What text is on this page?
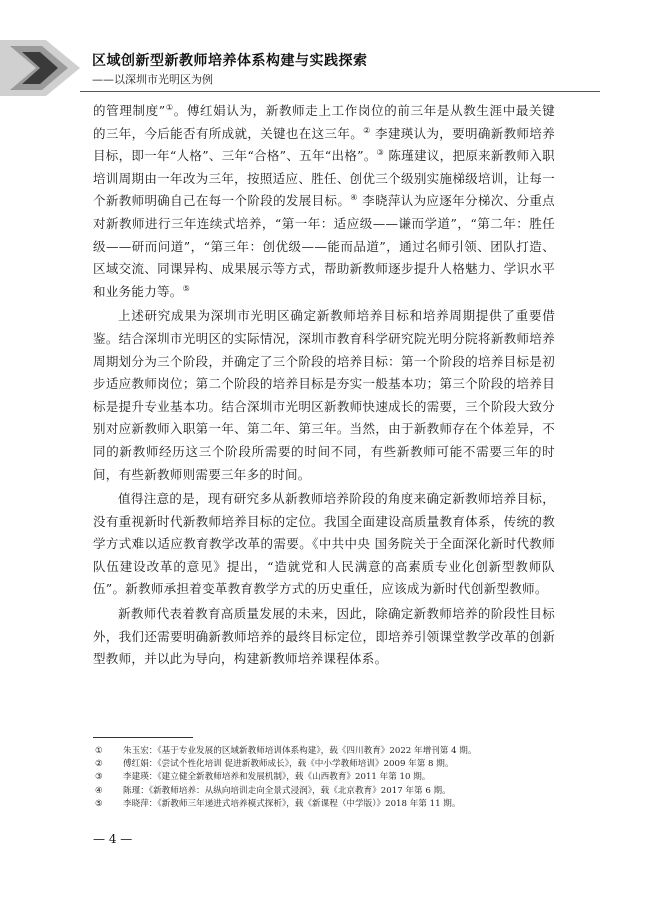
区域创新型新教师培养体系构建与实践探索
——以深圳市光明区为例

的管理制度”①。傅红娟认为，新教师走上工作岗位的前三年是从教生涯中最关键的三年，今后能否有所成就，关键也在这三年。② 李建瑛认为，要明确新教师培养目标，即一年“人格”、三年“合格”、五年“出格”。③ 陈瑾建议，把原来新教师入职培训周期由一年改为三年，按照适应、胜任、创优三个级别实施梯级培训，让每一个新教师明确自己在每一个阶段的发展目标。④ 李晓萍认为应逐年分梯次、分重点对新教师进行三年连续式培养，“第一年：适应级——谦而学道”，“第二年：胜任级——研而问道”，“第三年：创优级——能而品道”，通过名师引领、团队打造、区域交流、同课异构、成果展示等方式，帮助新教师逐步提升人格魅力、学识水平和业务能力等。⑤

上述研究成果为深圳市光明区确定新教师培养目标和培养周期提供了重要借鉴。结合深圳市光明区的实际情况，深圳市教育科学研究院光明分院将新教师培养周期划分为三个阶段，并确定了三个阶段的培养目标：第一个阶段的培养目标是初步适应教师岗位；第二个阶段的培养目标是夯实一般基本功；第三个阶段的培养目标是提升专业基本功。结合深圳市光明区新教师快速成长的需要，三个阶段大致分别对应新教师入职第一年、第二年、第三年。当然，由于新教师存在个体差异，不同的新教师经历这三个阶段所需要的时间不同，有些新教师可能不需要三年的时间，有些新教师则需要三年多的时间。

值得注意的是，现有研究多从新教师培养阶段的角度来确定新教师培养目标，没有重视新时代新教师培养目标的定位。我国全面建设高质量教育体系，传统的教学方式难以适应教育教学改革的需要。《中共中央 国务院关于全面深化新时代教师队伍建设改革的意见》提出，“造就党和人民满意的高素质专业化创新型教师队伍”。新教师承担着变革教育教学方式的历史重任，应该成为新时代创新型教师。

新教师代表着教育高质量发展的未来，因此，除确定新教师培养的阶段性目标外，我们还需要明确新教师培养的最终目标定位，即培养引领课堂教学改革的创新型教师，并以此为导向，构建新教师培养课程体系。

①	朱玉宏：《基于专业发展的区域新教师培训体系构建》，载《四川教育》2022 年增刊第 4 期。
②	傅红娟：《尝试个性化培训 促进新教师成长》，载《中小学教师培训》2009 年第 8 期。
③	李建瑛：《建立健全新教师培养和发展机制》，载《山西教育》2011 年第 10 期。
④	陈瑾：《新教师培养：从纵向培训走向全景式浸润》，载《北京教育》2017 年第 6 期。
⑤	李晓萍：《新教师三年递进式培养模式探析》，载《新课程（中学版）》2018 年第 11 期。
— 4 —
